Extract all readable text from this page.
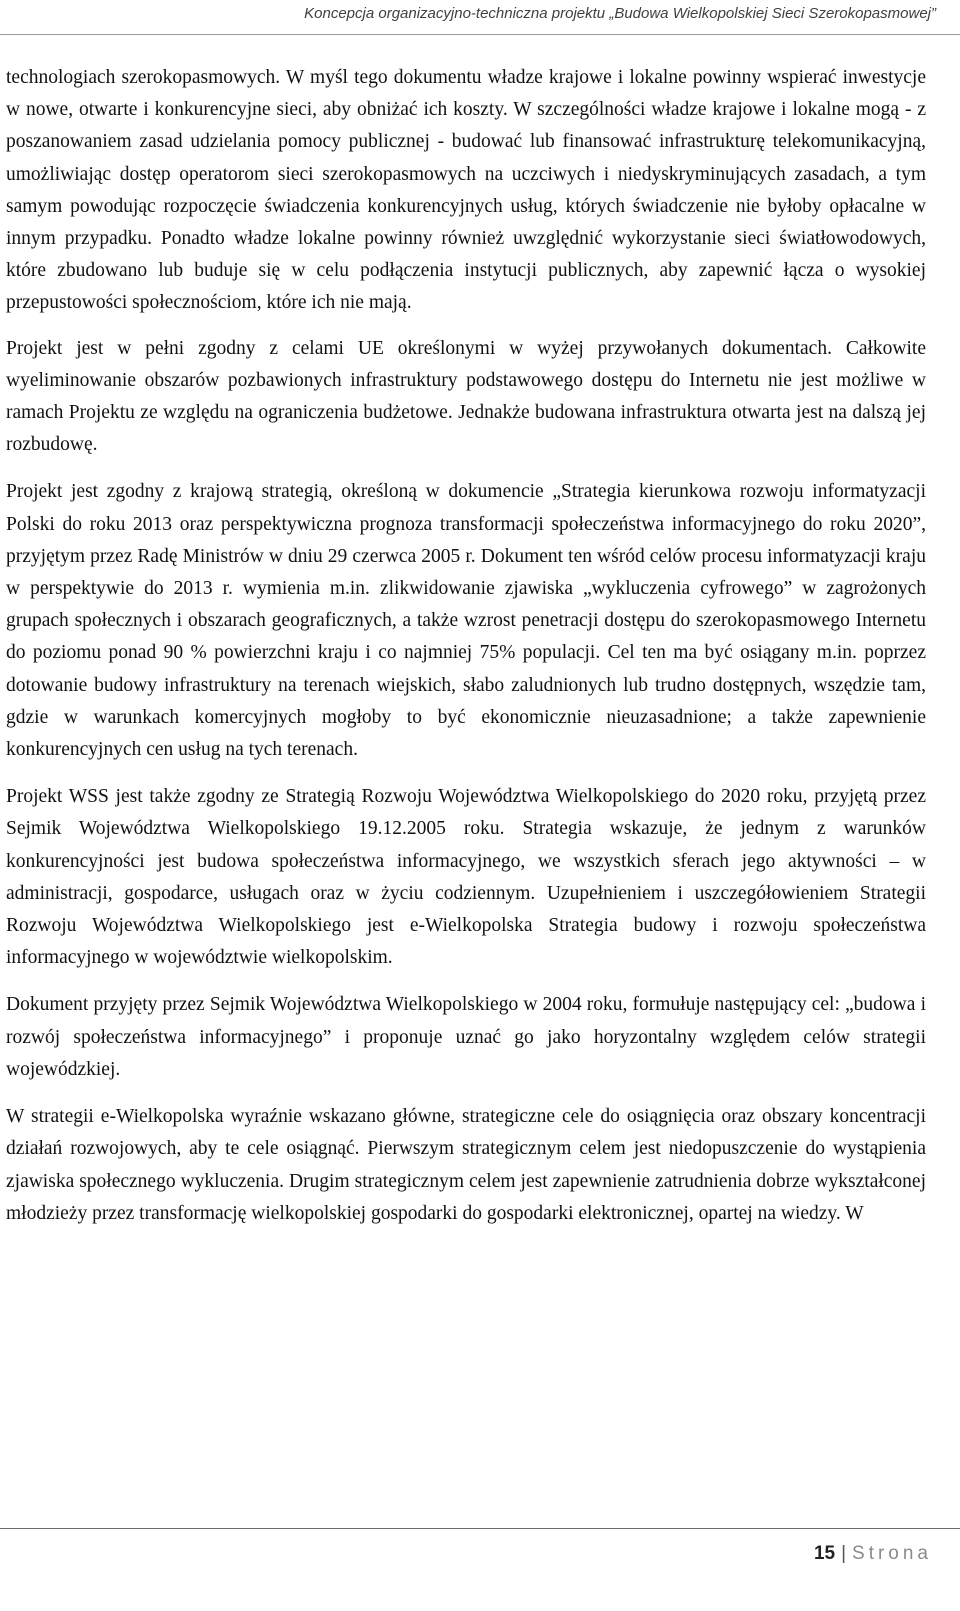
Koncepcja organizacyjno-techniczna projektu „Budowa Wielkopolskiej Sieci Szerokopasmowej”

technologiach szerokopasmowych. W myśl tego dokumentu władze krajowe i lokalne powinny wspierać inwestycje w nowe, otwarte i konkurencyjne sieci, aby obniżać ich koszty. W szczególności władze krajowe i lokalne mogą - z poszanowaniem zasad udzielania pomocy publicznej - budować lub finansować infrastrukturę telekomunikacyjną, umożliwiając dostęp operatorom sieci szerokopasmowych na uczciwych i niedyskryminujących zasadach, a tym samym powodując rozpoczęcie świadczenia konkurencyjnych usług, których świadczenie nie byłoby opłacalne w innym przypadku. Ponadto władze lokalne powinny również uwzględnić wykorzystanie sieci światłowodowych, które zbudowano lub buduje się w celu podłączenia instytucji publicznych, aby zapewnić łącza o wysokiej przepustowości społecznościom, które ich nie mają.

Projekt jest w pełni zgodny z celami UE określonymi w wyżej przywołanych dokumentach. Całkowite wyeliminowanie obszarów pozbawionych infrastruktury podstawowego dostępu do Internetu nie jest możliwe w ramach Projektu ze względu na ograniczenia budżetowe. Jednakże budowana infrastruktura otwarta jest na dalszą jej rozbudowę.

Projekt jest zgodny z krajową strategią, określoną w dokumencie „Strategia kierunkowa rozwoju informatyzacji Polski do roku 2013 oraz perspektywiczna prognoza transformacji społeczeństwa informacyjnego do roku 2020”, przyjętym przez Radę Ministrów w dniu 29 czerwca 2005 r. Dokument ten wśród celów procesu informatyzacji kraju w perspektywie do 2013 r. wymienia m.in. zlikwidowanie zjawiska „wykluczenia cyfrowego” w zagrożonych grupach społecznych i obszarach geograficznych, a także wzrost penetracji dostępu do szerokopasmowego Internetu do poziomu ponad 90 % powierzchni kraju i co najmniej 75% populacji. Cel ten ma być osiągany m.in. poprzez dotowanie budowy infrastruktury na terenach wiejskich, słabo zaludnionych lub trudno dostępnych, wszędzie tam, gdzie w warunkach komercyjnych mogłoby to być ekonomicznie nieuzasadnione; a także zapewnienie konkurencyjnych cen usług na tych terenach.

Projekt WSS jest także zgodny ze Strategią Rozwoju Województwa Wielkopolskiego do 2020 roku, przyjętą przez Sejmik Województwa Wielkopolskiego 19.12.2005 roku. Strategia wskazuje, że jednym z warunków konkurencyjności jest budowa społeczeństwa informacyjnego, we wszystkich sferach jego aktywności – w administracji, gospodarce, usługach oraz w życiu codziennym. Uzupełnieniem i uszczegółowieniem Strategii Rozwoju Województwa Wielkopolskiego jest e-Wielkopolska Strategia budowy i rozwoju społeczeństwa informacyjnego w województwie wielkopolskim.

Dokument przyjęty przez Sejmik Województwa Wielkopolskiego w 2004 roku, formułuje następujący cel: „budowa i rozwój społeczeństwa informacyjnego” i proponuje uznać go jako horyzontalny względem celów strategii wojewódzkiej.

W strategii e-Wielkopolska wyraźnie wskazano główne, strategiczne cele do osiągnięcia oraz obszary koncentracji działań rozwojowych, aby te cele osiągnąć. Pierwszym strategicznym celem jest niedopuszczenie do wystąpienia zjawiska społecznego wykluczenia. Drugim strategicznym celem jest zapewnienie zatrudnienia dobrze wykształconej młodzieży przez transformację wielkopolskiej gospodarki do gospodarki elektronicznej, opartej na wiedzy. W

15 | Strona
